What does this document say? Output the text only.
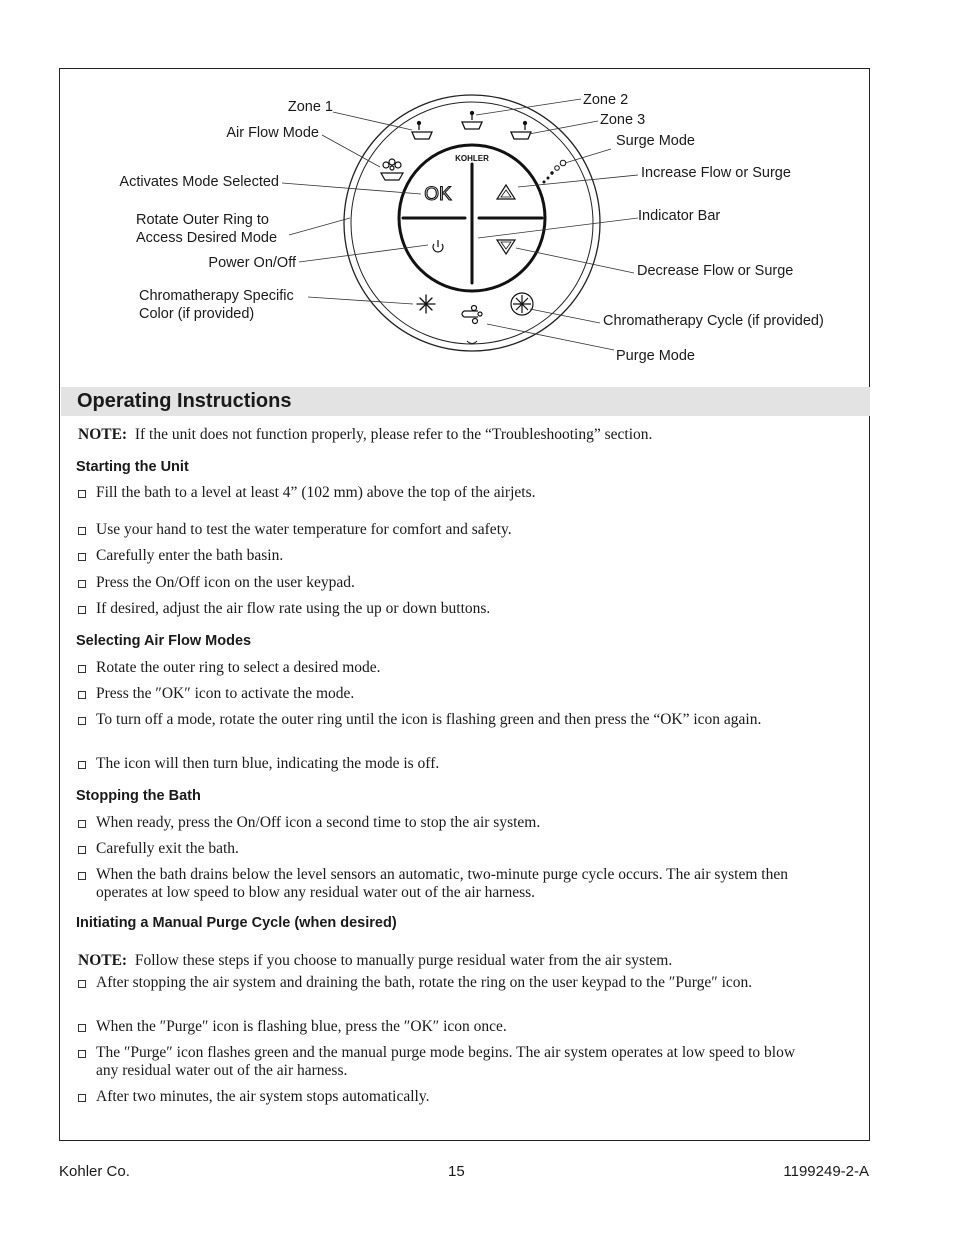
KOHLER
OK
Zone 1
Air Flow Mode
Activates Mode Selected
Rotate Outer Ring to Access Desired Mode
Power On/Off
Chromatherapy Specific Color (if provided)
Zone 2
Zone 3
Surge Mode
Increase Flow or Surge
Indicator Bar
Decrease Flow or Surge
Chromatherapy Cycle (if provided)
Purge Mode
Operating Instructions
NOTE: If the unit does not function properly, please refer to the “Troubleshooting” section.
Starting the Unit
Fill the bath to a level at least 4” (102 mm) above the top of the airjets.
Use your hand to test the water temperature for comfort and safety.
Carefully enter the bath basin.
Press the On/Off icon on the user keypad.
If desired, adjust the air flow rate using the up or down buttons.
Selecting Air Flow Modes
Rotate the outer ring to select a desired mode.
Press the ″OK″ icon to activate the mode.
To turn off a mode, rotate the outer ring until the icon is flashing green and then press the “OK” icon again.
The icon will then turn blue, indicating the mode is off.
Stopping the Bath
When ready, press the On/Off icon a second time to stop the air system.
Carefully exit the bath.
When the bath drains below the level sensors an automatic, two-minute purge cycle occurs. The air system then operates at low speed to blow any residual water out of the air harness.
Initiating a Manual Purge Cycle (when desired)
NOTE: Follow these steps if you choose to manually purge residual water from the air system.
After stopping the air system and draining the bath, rotate the ring on the user keypad to the ″Purge″ icon.
When the ″Purge″ icon is flashing blue, press the ″OK″ icon once.
The ″Purge″ icon flashes green and the manual purge mode begins. The air system operates at low speed to blow any residual water out of the air harness.
After two minutes, the air system stops automatically.
Kohler Co.	15	1199249-2-A
